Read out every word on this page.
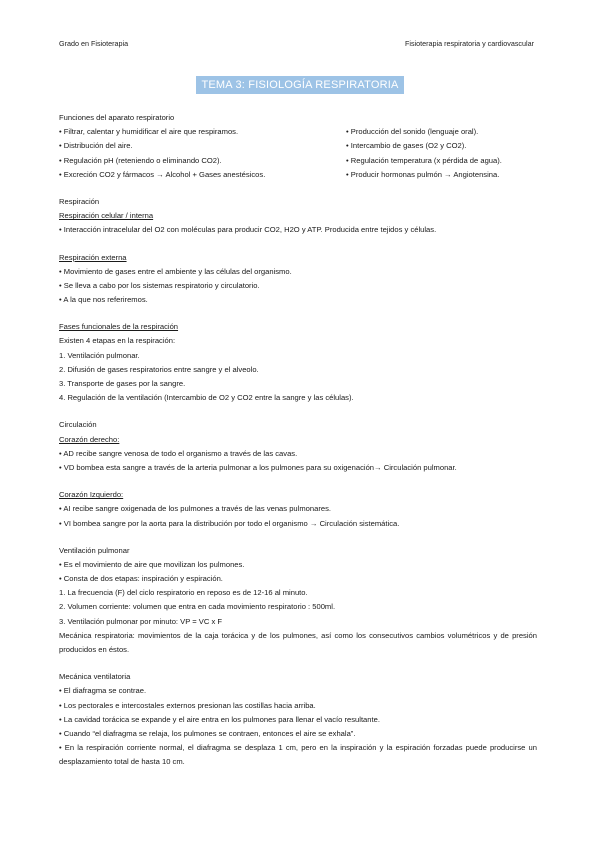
Grado en Fisioterapia	Fisioterapia respiratoria y cardiovascular
TEMA 3: FISIOLOGÍA RESPIRATORIA
Funciones del aparato respiratorio
• Filtrar, calentar y humidificar el aire que respiramos.
• Distribución del aire.
• Regulación pH (reteniendo o eliminando CO2).
• Excreción CO2 y fármacos → Alcohol + Gases anestésicos.
• Producción del sonido (lenguaje oral).
• Intercambio de gases (O2 y CO2).
• Regulación temperatura (x pérdida de agua).
• Producir hormonas pulmón → Angiotensina.
Respiración
Respiración celular / interna
• Interacción intracelular del O2 con moléculas para producir CO2, H2O y ATP. Producida entre tejidos y células.
Respiración externa
• Movimiento de gases entre el ambiente y las células del organismo.
• Se lleva a cabo por los sistemas respiratorio y circulatorio.
• A la que nos referiremos.
Fases funcionales de la respiración
Existen 4 etapas en la respiración:
1. Ventilación pulmonar.
2. Difusión de gases respiratorios entre sangre y el alveolo.
3. Transporte de gases por la sangre.
4. Regulación de la ventilación (Intercambio de O2 y CO2 entre la sangre y las células).
Circulación
Corazón derecho:
• AD recibe sangre venosa de todo el organismo a través de las cavas.
• VD bombea esta sangre a través de la arteria pulmonar a los pulmones para su oxigenación→ Circulación pulmonar.
Corazón Izquierdo:
• AI recibe sangre oxigenada de los pulmones a través de las venas pulmonares.
• VI bombea sangre por la aorta para la distribución por todo el organismo → Circulación sistemática.
Ventilación pulmonar
• Es el movimiento de aire que movilizan los pulmones.
• Consta de dos etapas: inspiración y espiración.
1. La frecuencia (F) del ciclo respiratorio en reposo es de 12-16 al minuto.
2. Volumen corriente: volumen que entra en cada movimiento respiratorio : 500ml.
3. Ventilación pulmonar por minuto: VP = VC x F
Mecánica respiratoria: movimientos de la caja torácica y de los pulmones, así como los consecutivos cambios volumétricos y de presión producidos en éstos.
Mecánica ventilatoria
• El diafragma se contrae.
• Los pectorales e intercostales externos presionan las costillas hacia arriba.
• La cavidad torácica se expande y el aire entra en los pulmones para llenar el vacío resultante.
• Cuando “el diafragma se relaja, los pulmones se contraen, entonces el aire se exhala”.
• En la respiración corriente normal, el diafragma se desplaza 1 cm, pero en la inspiración y la espiración forzadas puede producirse un desplazamiento total de hasta 10 cm.
